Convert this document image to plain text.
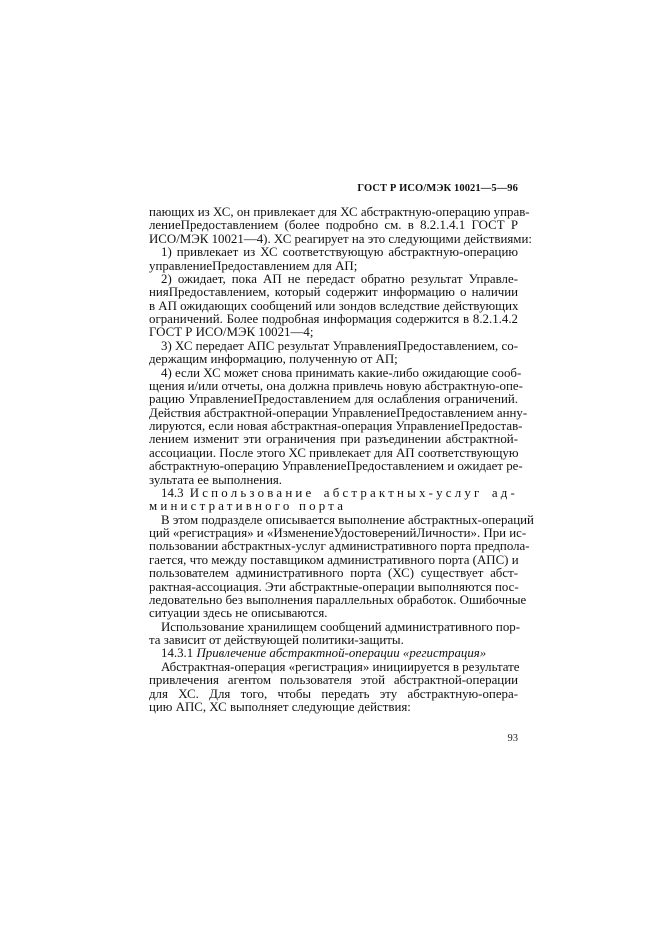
ГОСТ Р ИСО/МЭК 10021—5—96
пающих из ХС, он привлекает для ХС абстрактную-операцию управ-
лениеПредоставлением (более подробно см. в 8.2.1.4.1 ГОСТ Р
ИСО/МЭК 10021—4). ХС реагирует на это следующими действиями:
1) привлекает из ХС соответствующую абстрактную-операцию
управлениеПредоставлением для АП;
2) ожидает, пока АП не передаст обратно результат Управле-
нияПредоставлением, который содержит информацию о наличии
в АП ожидающих сообщений или зондов вследствие действующих
ограничений. Более подробная информация содержится в 8.2.1.4.2
ГОСТ Р ИСО/МЭК 10021—4;
3) ХС передает АПС результат УправленияПредоставлением, со-
держащим информацию, полученную от АП;
4) если ХС может снова принимать какие-либо ожидающие сооб-
щения и/или отчеты, она должна привлечь новую абстрактную-опе-
рацию УправлениеПредоставлением для ослабления ограничений.
Действия абстрактной-операции УправлениеПредоставлением анну-
лируются, если новая абстрактная-операция УправлениеПредостав-
лением изменит эти ограничения при разъединении абстрактной-
ассоциации. После этого ХС привлекает для АП соответствующую
абстрактную-операцию УправлениеПредоставлением и ожидает ре-
зультата ее выполнения.
14.3 Использование абстрактных-услуг ад-
министративного порта
В этом подразделе описывается выполнение абстрактных-операций
ций «регистрация» и «ИзменениеУдостоверенийЛичности». При ис-
пользовании абстрактных-услуг административного порта предпола-
гается, что между поставщиком административного порта (АПС) и
пользователем административного порта (ХС) существует абст-
рактная-ассоциация. Эти абстрактные-операции выполняются пос-
ледовательно без выполнения параллельных обработок. Ошибочные
ситуации здесь не описываются.
Использование хранилищем сообщений административного пор-
та зависит от действующей политики-защиты.
14.3.1 Привлечение абстрактной-операции «регистрация»
Абстрактная-операция «регистрация» инициируется в результате
привлечения агентом пользователя этой абстрактной-операции
для ХС. Для того, чтобы передать эту абстрактную-опера-
цию АПС, ХС выполняет следующие действия:
93
